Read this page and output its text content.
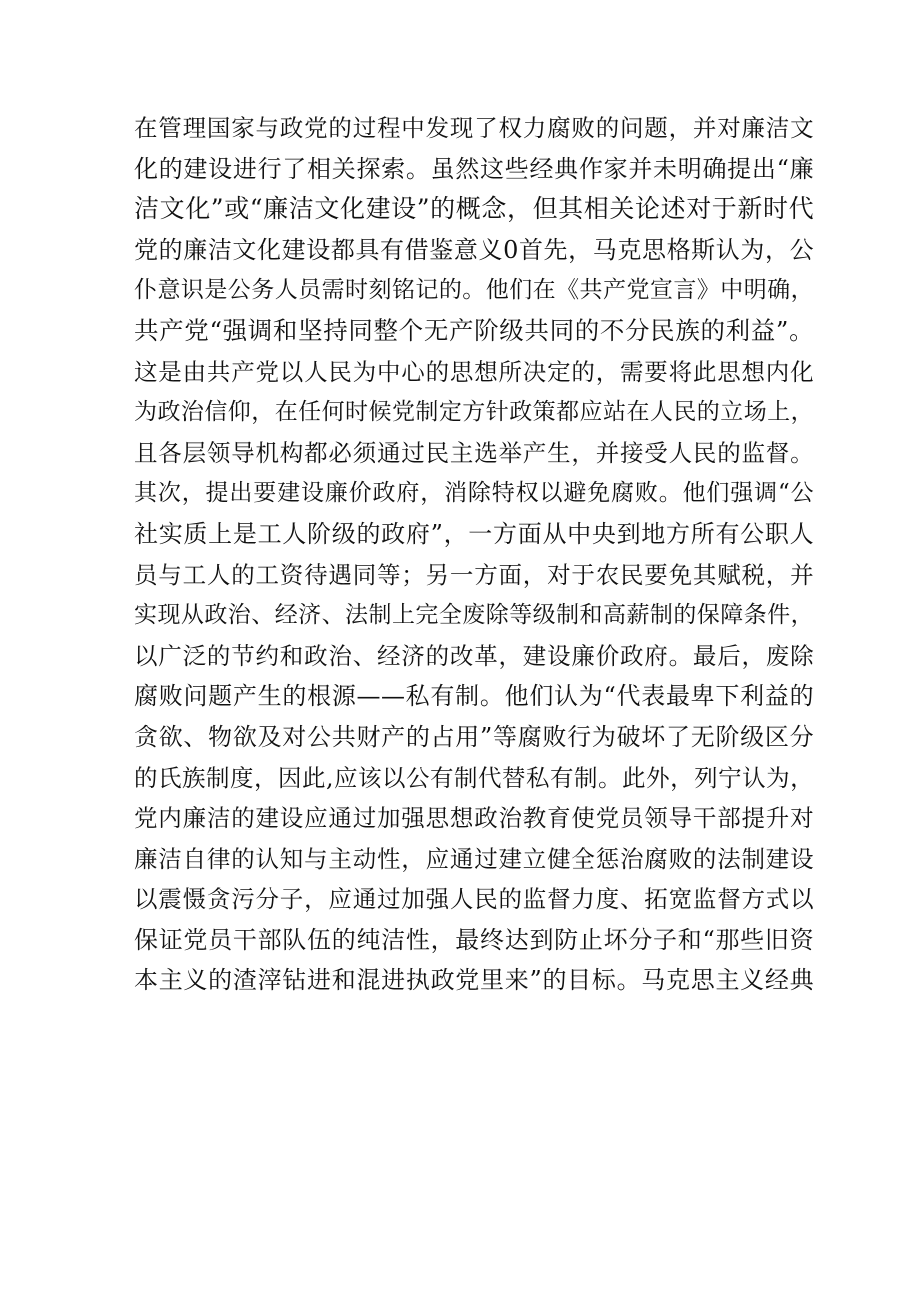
在管理国家与政党的过程中发现了权力腐败的问题，并对廉洁文
化的建设进行了相关探索。虽然这些经典作家并未明确提出“廉
洁文化”或“廉洁文化建设”的概念，但其相关论述对于新时代
党的廉洁文化建设都具有借鉴意义0首先，马克思格斯认为，公
仆意识是公务人员需时刻铭记的。他们在《共产党宣言》中明确，
共产党“强调和坚持同整个无产阶级共同的不分民族的利益”。
这是由共产党以人民为中心的思想所决定的，需要将此思想内化
为政治信仰，在任何时候党制定方针政策都应站在人民的立场上，
且各层领导机构都必须通过民主选举产生，并接受人民的监督。
其次，提出要建设廉价政府，消除特权以避免腐败。他们强调“公
社实质上是工人阶级的政府”，一方面从中央到地方所有公职人
员与工人的工资待遇同等；另一方面，对于农民要免其赋税，并
实现从政治、经济、法制上完全废除等级制和高薪制的保障条件，
以广泛的节约和政治、经济的改革，建设廉价政府。最后，废除
腐败问题产生的根源——私有制。他们认为“代表最卑下利益的
贪欲、物欲及对公共财产的占用”等腐败行为破坏了无阶级区分
的氏族制度，因此,应该以公有制代替私有制。此外，列宁认为，
党内廉洁的建设应通过加强思想政治教育使党员领导干部提升对
廉洁自律的认知与主动性，应通过建立健全惩治腐败的法制建设
以震慑贪污分子，应通过加强人民的监督力度、拓宽监督方式以
保证党员干部队伍的纯洁性，最终达到防止坏分子和“那些旧资
本主义的渣滓钻进和混进执政党里来”的目标。马克思主义经典
